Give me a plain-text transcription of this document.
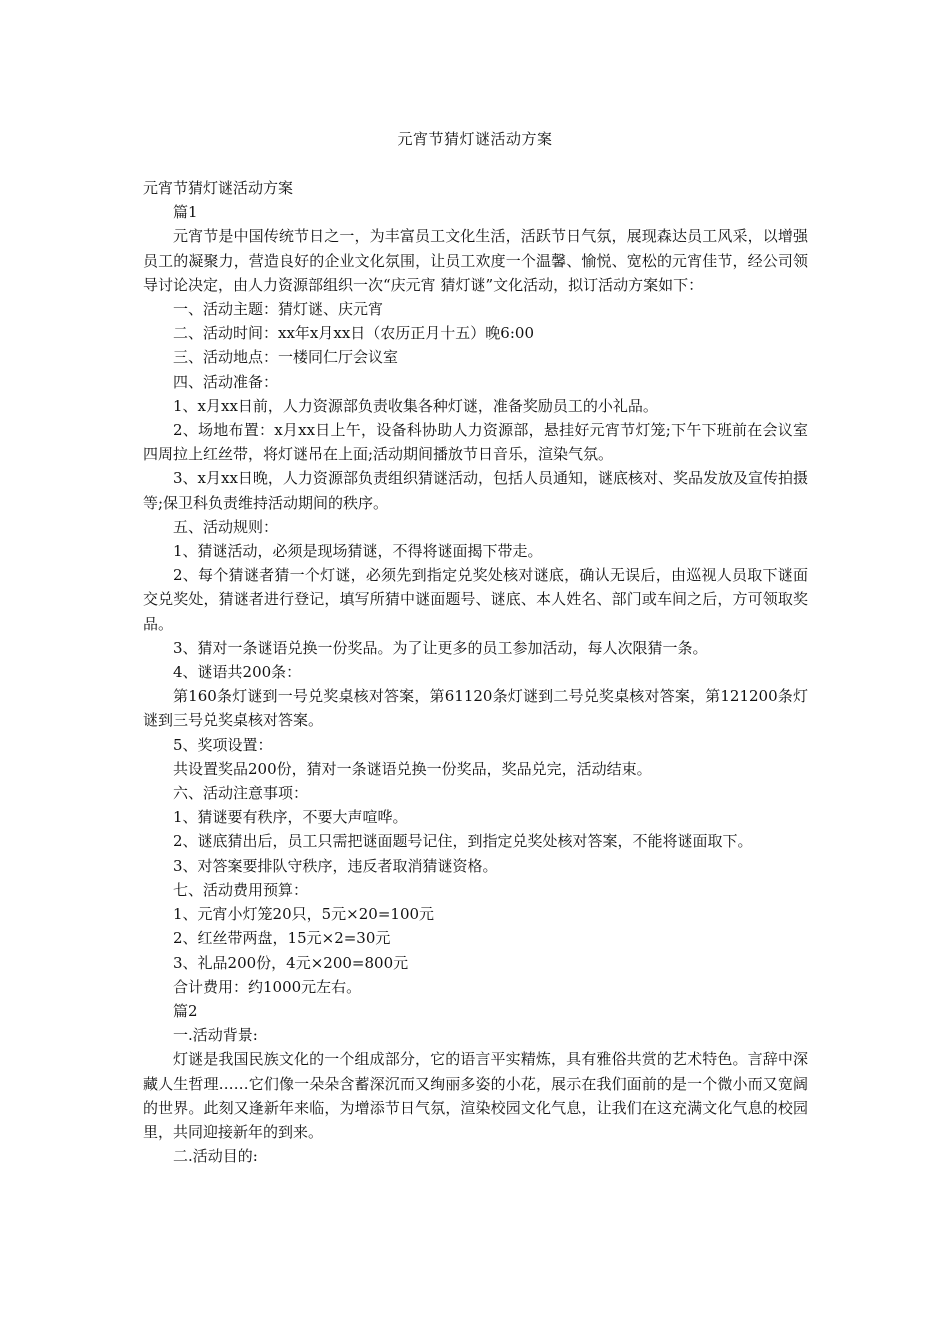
元宵节猜灯谜活动方案

元宵节猜灯谜活动方案

篇1

元宵节是中国传统节日之一，为丰富员工文化生活，活跃节日气氛，展现森达员工风采，以增强员工的凝聚力，营造良好的企业文化氛围，让员工欢度一个温馨、愉悦、宽松的元宵佳节，经公司领导讨论决定，由人力资源部组织一次“庆元宵 猜灯谜”文化活动，拟订活动方案如下：

一、活动主题：猜灯谜、庆元宵

二、活动时间：xx年x月xx日（农历正月十五）晚6:00

三、活动地点：一楼同仁厅会议室

四、活动准备：

1、x月xx日前，人力资源部负责收集各种灯谜，准备奖励员工的小礼品。

2、场地布置：x月xx日上午，设备科协助人力资源部，悬挂好元宵节灯笼;下午下班前在会议室四周拉上红丝带，将灯谜吊在上面;活动期间播放节日音乐，渲染气氛。

3、x月xx日晚，人力资源部负责组织猜谜活动，包括人员通知，谜底核对、奖品发放及宣传拍摄等;保卫科负责维持活动期间的秩序。

五、活动规则：

1、猜谜活动，必须是现场猜谜，不得将谜面揭下带走。

2、每个猜谜者猜一个灯谜，必须先到指定兑奖处核对谜底，确认无误后，由巡视人员取下谜面交兑奖处，猜谜者进行登记，填写所猜中谜面题号、谜底、本人姓名、部门或车间之后，方可领取奖品。

3、猜对一条谜语兑换一份奖品。为了让更多的员工参加活动，每人次限猜一条。

4、谜语共200条：

第160条灯谜到一号兑奖桌核对答案，第61120条灯谜到二号兑奖桌核对答案，第121200条灯谜到三号兑奖桌核对答案。

5、奖项设置：

共设置奖品200份，猜对一条谜语兑换一份奖品，奖品兑完，活动结束。

六、活动注意事项：

1、猜谜要有秩序，不要大声喧哗。

2、谜底猜出后，员工只需把谜面题号记住，到指定兑奖处核对答案，不能将谜面取下。

3、对答案要排队守秩序，违反者取消猜谜资格。

七、活动费用预算：

1、元宵小灯笼20只，5元×20=100元

2、红丝带两盘，15元×2=30元

3、礼品200份，4元×200=800元

合计费用：约1000元左右。

篇2

一.活动背景:

灯谜是我国民族文化的一个组成部分，它的语言平实精炼，具有雅俗共赏的艺术特色。言辞中深藏人生哲理……它们像一朵朵含蓄深沉而又绚丽多姿的小花，展示在我们面前的是一个微小而又宽阔的世界。此刻又逢新年来临，为增添节日气氛，渲染校园文化气息，让我们在这充满文化气息的校园里，共同迎接新年的到来。

二.活动目的:
